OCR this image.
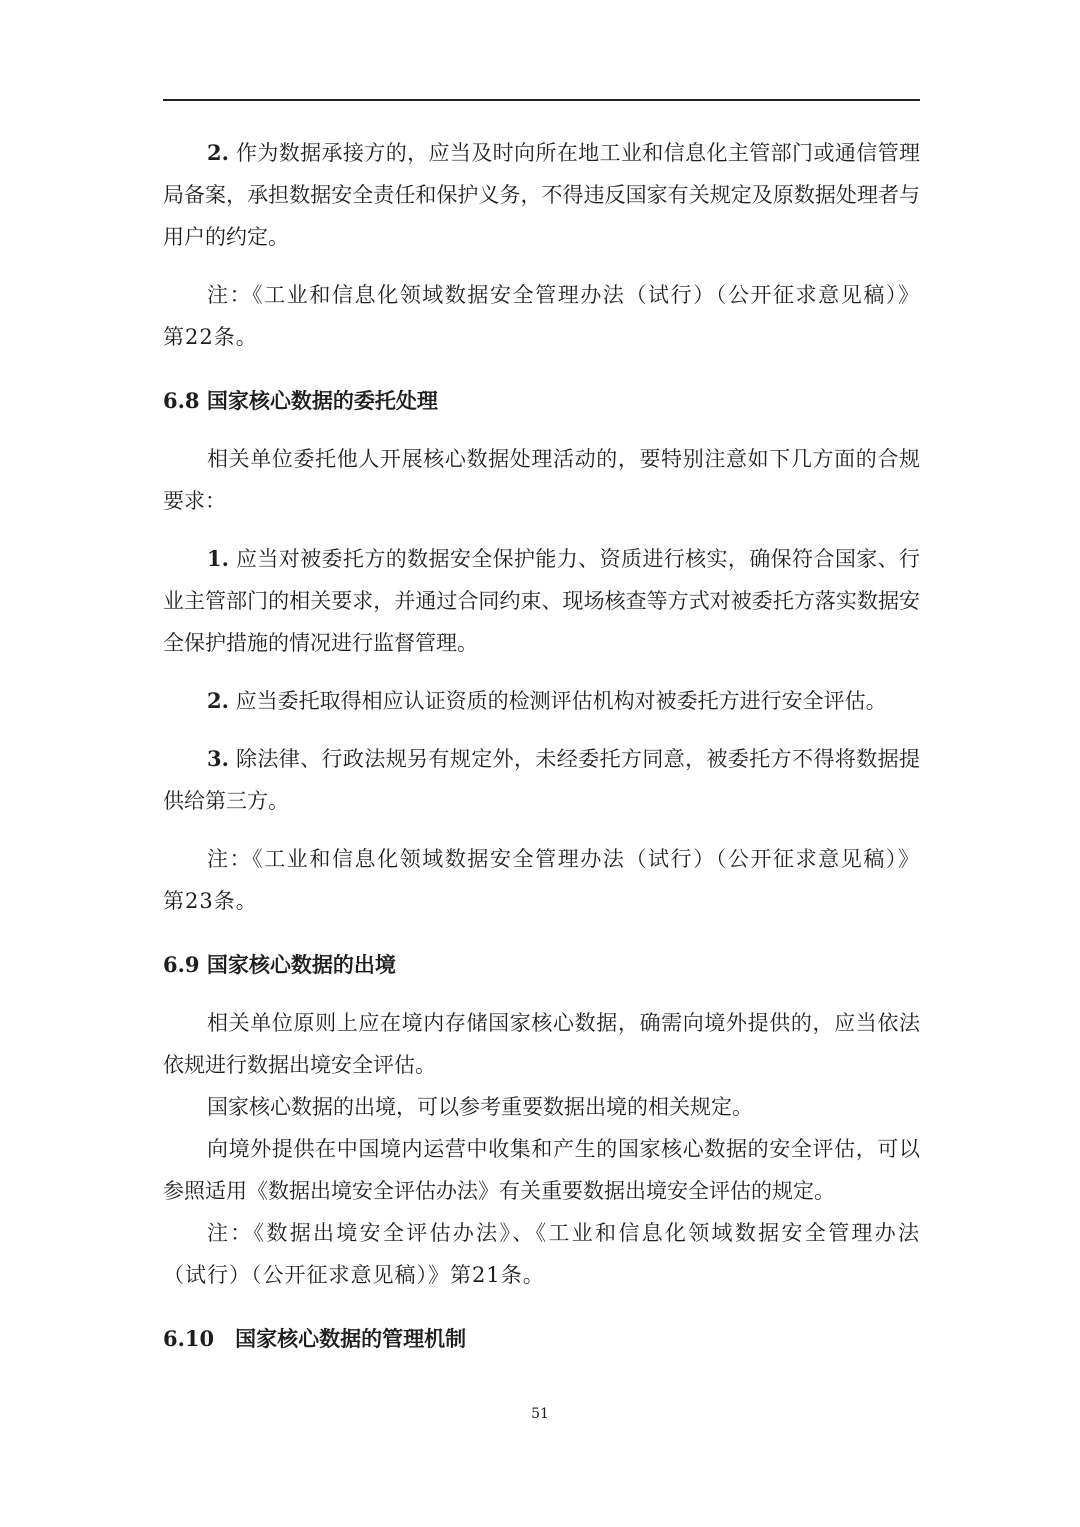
2. 作为数据承接方的，应当及时向所在地工业和信息化主管部门或通信管理局备案，承担数据安全责任和保护义务，不得违反国家有关规定及原数据处理者与用户的约定。

注：《工业和信息化领域数据安全管理办法（试行）（公开征求意见稿）》第22条。

6.8 国家核心数据的委托处理

相关单位委托他人开展核心数据处理活动的，要特别注意如下几方面的合规要求：

1. 应当对被委托方的数据安全保护能力、资质进行核实，确保符合国家、行业主管部门的相关要求，并通过合同约束、现场核查等方式对被委托方落实数据安全保护措施的情况进行监督管理。

2. 应当委托取得相应认证资质的检测评估机构对被委托方进行安全评估。

3. 除法律、行政法规另有规定外，未经委托方同意，被委托方不得将数据提供给第三方。

注：《工业和信息化领域数据安全管理办法（试行）（公开征求意见稿）》第23条。

6.9 国家核心数据的出境

相关单位原则上应在境内存储国家核心数据，确需向境外提供的，应当依法依规进行数据出境安全评估。

国家核心数据的出境，可以参考重要数据出境的相关规定。

向境外提供在中国境内运营中收集和产生的国家核心数据的安全评估，可以参照适用《数据出境安全评估办法》有关重要数据出境安全评估的规定。

注：《数据出境安全评估办法》、《工业和信息化领域数据安全管理办法（试行）（公开征求意见稿）》第21条。

6.10　国家核心数据的管理机制
51
